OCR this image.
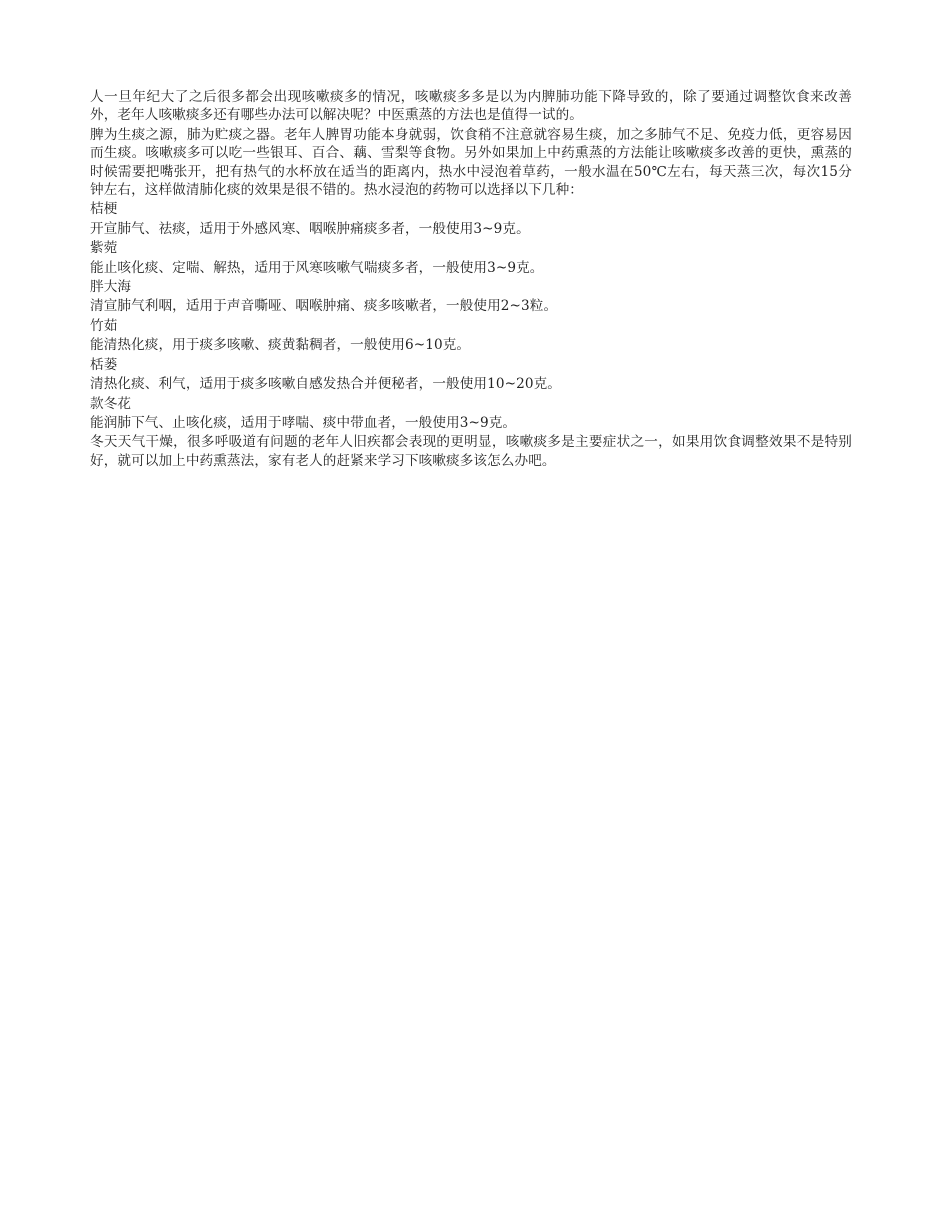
人一旦年纪大了之后很多都会出现咳嗽痰多的情况，咳嗽痰多多是以为内脾肺功能下降导致的，除了要通过调整饮食来改善外，老年人咳嗽痰多还有哪些办法可以解决呢？中医熏蒸的方法也是值得一试的。

脾为生痰之源，肺为贮痰之器。老年人脾胃功能本身就弱，饮食稍不注意就容易生痰，加之多肺气不足、免疫力低，更容易因而生痰。咳嗽痰多可以吃一些银耳、百合、藕、雪梨等食物。另外如果加上中药熏蒸的方法能让咳嗽痰多改善的更快，熏蒸的时候需要把嘴张开，把有热气的水杯放在适当的距离内，热水中浸泡着草药，一般水温在50℃左右，每天蒸三次，每次15分钟左右，这样做清肺化痰的效果是很不错的。热水浸泡的药物可以选择以下几种：

桔梗

开宣肺气、祛痰，适用于外感风寒、咽喉肿痛痰多者，一般使用3~9克。

紫菀

能止咳化痰、定喘、解热，适用于风寒咳嗽气喘痰多者，一般使用3~9克。

胖大海

清宣肺气利咽，适用于声音嘶哑、咽喉肿痛、痰多咳嗽者，一般使用2~3粒。

竹茹

能清热化痰，用于痰多咳嗽、痰黄黏稠者，一般使用6~10克。

栝蒌

清热化痰、利气，适用于痰多咳嗽自感发热合并便秘者，一般使用10~20克。

款冬花

能润肺下气、止咳化痰，适用于哮喘、痰中带血者，一般使用3~9克。

冬天天气干燥，很多呼吸道有问题的老年人旧疾都会表现的更明显，咳嗽痰多是主要症状之一，如果用饮食调整效果不是特别好，就可以加上中药熏蒸法，家有老人的赶紧来学习下咳嗽痰多该怎么办吧。
